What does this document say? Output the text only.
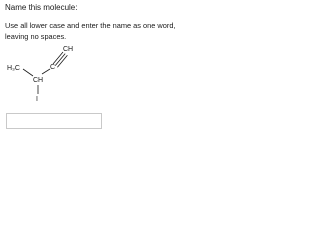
Name this molecule:
Use all lower case and enter the name as one word, leaving no spaces.
CH
C
H₃C
CH
I
